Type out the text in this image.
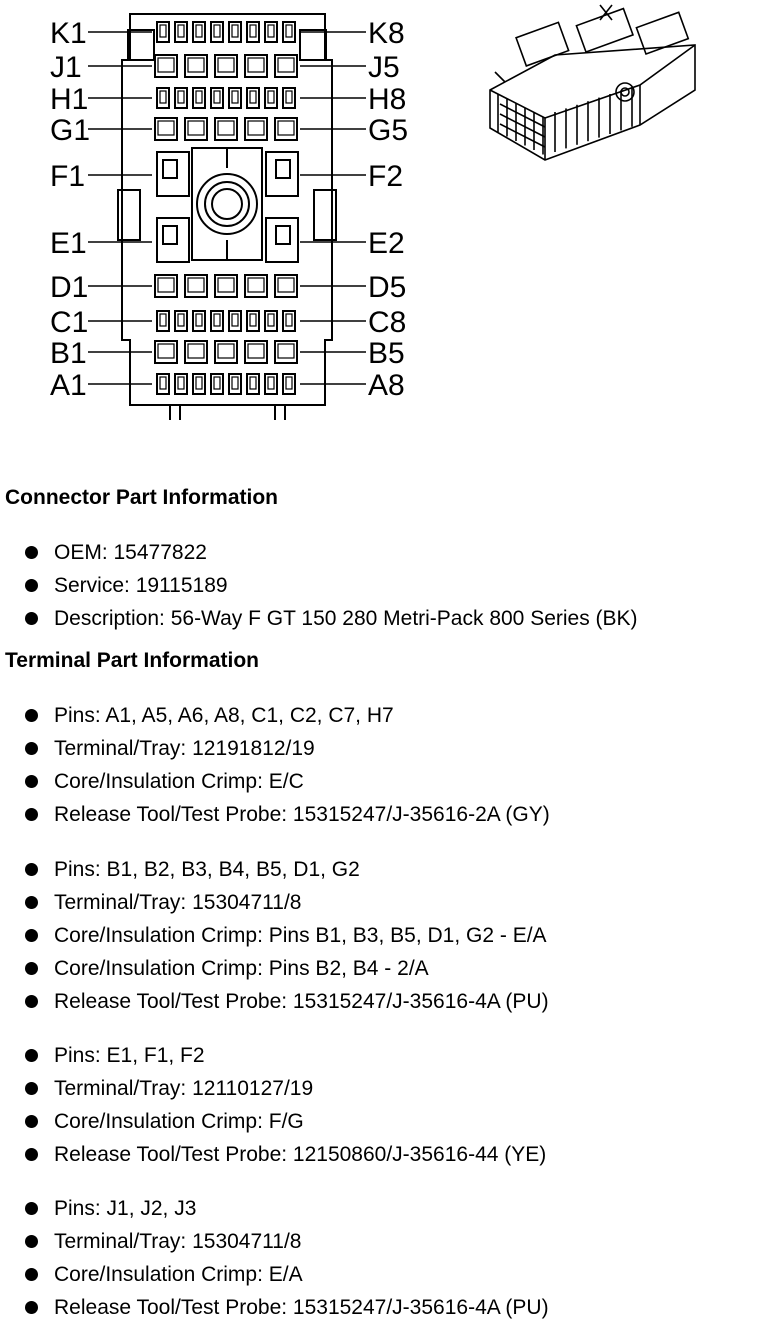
K1	K8
J1	J5
H1	H8
G1	G5
F1	F2
E1	E2
D1	D5
C1	C8
B1	B5
A1	A8
Connector Part Information
OEM: 15477822
Service: 19115189
Description: 56-Way F GT 150 280 Metri-Pack 800 Series (BK)
Terminal Part Information
Pins: A1, A5, A6, A8, C1, C2, C7, H7
Terminal/Tray: 12191812/19
Core/Insulation Crimp: E/C
Release Tool/Test Probe: 15315247/J-35616-2A (GY)
Pins: B1, B2, B3, B4, B5, D1, G2
Terminal/Tray: 15304711/8
Core/Insulation Crimp: Pins B1, B3, B5, D1, G2 - E/A
Core/Insulation Crimp: Pins B2, B4 - 2/A
Release Tool/Test Probe: 15315247/J-35616-4A (PU)
Pins: E1, F1, F2
Terminal/Tray: 12110127/19
Core/Insulation Crimp: F/G
Release Tool/Test Probe: 12150860/J-35616-44 (YE)
Pins: J1, J2, J3
Terminal/Tray: 15304711/8
Core/Insulation Crimp: E/A
Release Tool/Test Probe: 15315247/J-35616-4A (PU)
